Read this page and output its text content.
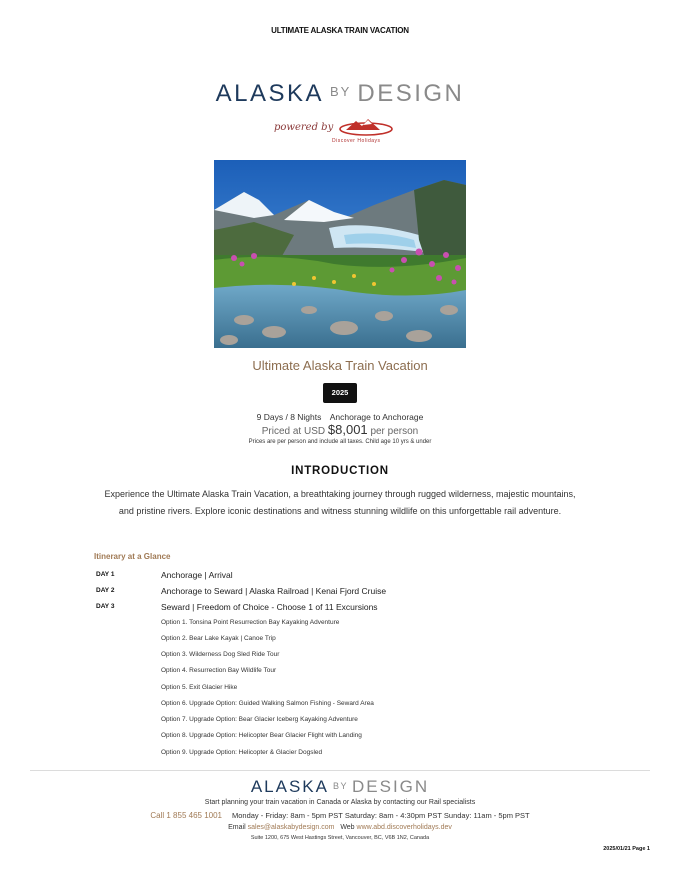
ULTIMATE ALASKA TRAIN VACATION
ALASKA $^{BY}$ DESIGN
powered by
Discover Holidays
Ultimate Alaska Train Vacation
2025
9 Days / 8 Nights Anchorage to Anchorage
Priced at USD $8,001 per person
Prices are per person and include all taxes. Child age 10 yrs & under
INTRODUCTION
Experience the Ultimate Alaska Train Vacation, a breathtaking journey through rugged wilderness, majestic mountains, and pristine rivers. Explore iconic destinations and witness stunning wildlife on this unforgettable rail adventure.
Itinerary at a Glance
DAY 1	Anchorage | Arrival
DAY 2	Anchorage to Seward | Alaska Railroad | Kenai Fjord Cruise
DAY 3	Seward | Freedom of Choice - Choose 1 of 11 Excursions
Option 1. Tonsina Point Resurrection Bay Kayaking Adventure
Option 2. Bear Lake Kayak | Canoe Trip
Option 3. Wilderness Dog Sled Ride Tour
Option 4. Resurrection Bay Wildlife Tour
Option 5. Exit Glacier Hike
Option 6. Upgrade Option: Guided Walking Salmon Fishing - Seward Area
Option 7. Upgrade Option: Bear Glacier Iceberg Kayaking Adventure
Option 8. Upgrade Option: Helicopter Bear Glacier Flight with Landing
Option 9. Upgrade Option: Helicopter & Glacier Dogsled
ALASKA BY DESIGN
Start planning your train vacation in Canada or Alaska by contacting our Rail specialists
Call 1 855 465 1001 Monday - Friday: 8am - 5pm PST Saturday: 8am - 4:30pm PST Sunday: 11am - 5pm PST
Email sales@alaskabydesign.com Web www.abd.discoverholidays.dev
Suite 1200, 675 West Hastings Street, Vancouver, BC, V6B 1N2, Canada
2025/01/21 Page 1
